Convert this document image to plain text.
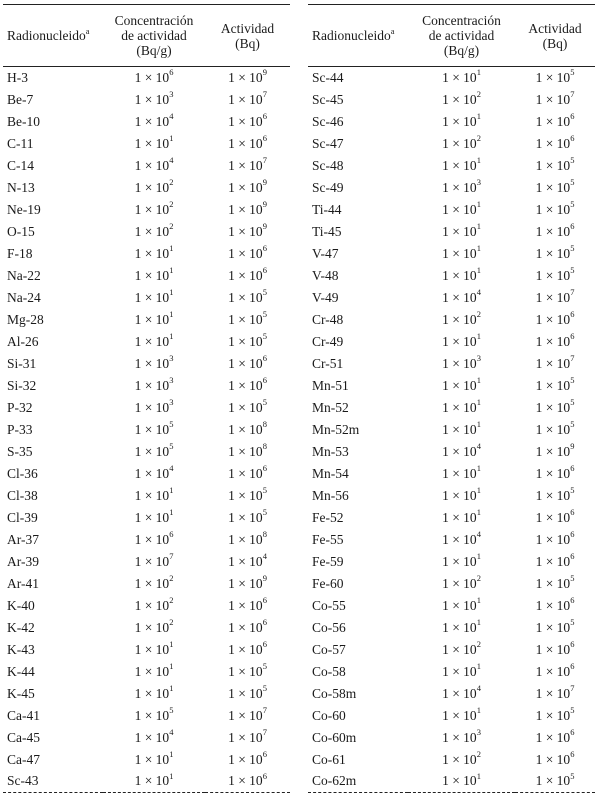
Radionucleido$^a$	Concentración
de actividad
(Bq/g)	Actividad
(Bq)
H-3	$1 \times 10^6$	$1 \times 10^9$
Be-7	$1 \times 10^3$	$1 \times 10^7$
Be-10	$1 \times 10^4$	$1 \times 10^6$
C-11	$1 \times 10^1$	$1 \times 10^6$
C-14	$1 \times 10^4$	$1 \times 10^7$
N-13	$1 \times 10^2$	$1 \times 10^9$
Ne-19	$1 \times 10^2$	$1 \times 10^9$
O-15	$1 \times 10^2$	$1 \times 10^9$
F-18	$1 \times 10^1$	$1 \times 10^6$
Na-22	$1 \times 10^1$	$1 \times 10^6$
Na-24	$1 \times 10^1$	$1 \times 10^5$
Mg-28	$1 \times 10^1$	$1 \times 10^5$
Al-26	$1 \times 10^1$	$1 \times 10^5$
Si-31	$1 \times 10^3$	$1 \times 10^6$
Si-32	$1 \times 10^3$	$1 \times 10^6$
P-32	$1 \times 10^3$	$1 \times 10^5$
P-33	$1 \times 10^5$	$1 \times 10^8$
S-35	$1 \times 10^5$	$1 \times 10^8$
Cl-36	$1 \times 10^4$	$1 \times 10^6$
Cl-38	$1 \times 10^1$	$1 \times 10^5$
Cl-39	$1 \times 10^1$	$1 \times 10^5$
Ar-37	$1 \times 10^6$	$1 \times 10^8$
Ar-39	$1 \times 10^7$	$1 \times 10^4$
Ar-41	$1 \times 10^2$	$1 \times 10^9$
K-40	$1 \times 10^2$	$1 \times 10^6$
K-42	$1 \times 10^2$	$1 \times 10^6$
K-43	$1 \times 10^1$	$1 \times 10^6$
K-44	$1 \times 10^1$	$1 \times 10^5$
K-45	$1 \times 10^1$	$1 \times 10^5$
Ca-41	$1 \times 10^5$	$1 \times 10^7$
Ca-45	$1 \times 10^4$	$1 \times 10^7$
Ca-47	$1 \times 10^1$	$1 \times 10^6$
Sc-43	$1 \times 10^1$	$1 \times 10^6$
Radionucleido$^a$	Concentración
de actividad
(Bq/g)	Actividad
(Bq)
Sc-44	$1 \times 10^1$	$1 \times 10^5$
Sc-45	$1 \times 10^2$	$1 \times 10^7$
Sc-46	$1 \times 10^1$	$1 \times 10^6$
Sc-47	$1 \times 10^2$	$1 \times 10^6$
Sc-48	$1 \times 10^1$	$1 \times 10^5$
Sc-49	$1 \times 10^3$	$1 \times 10^5$
Ti-44	$1 \times 10^1$	$1 \times 10^5$
Ti-45	$1 \times 10^1$	$1 \times 10^6$
V-47	$1 \times 10^1$	$1 \times 10^5$
V-48	$1 \times 10^1$	$1 \times 10^5$
V-49	$1 \times 10^4$	$1 \times 10^7$
Cr-48	$1 \times 10^2$	$1 \times 10^6$
Cr-49	$1 \times 10^1$	$1 \times 10^6$
Cr-51	$1 \times 10^3$	$1 \times 10^7$
Mn-51	$1 \times 10^1$	$1 \times 10^5$
Mn-52	$1 \times 10^1$	$1 \times 10^5$
Mn-52m	$1 \times 10^1$	$1 \times 10^5$
Mn-53	$1 \times 10^4$	$1 \times 10^9$
Mn-54	$1 \times 10^1$	$1 \times 10^6$
Mn-56	$1 \times 10^1$	$1 \times 10^5$
Fe-52	$1 \times 10^1$	$1 \times 10^6$
Fe-55	$1 \times 10^4$	$1 \times 10^6$
Fe-59	$1 \times 10^1$	$1 \times 10^6$
Fe-60	$1 \times 10^2$	$1 \times 10^5$
Co-55	$1 \times 10^1$	$1 \times 10^6$
Co-56	$1 \times 10^1$	$1 \times 10^5$
Co-57	$1 \times 10^2$	$1 \times 10^6$
Co-58	$1 \times 10^1$	$1 \times 10^6$
Co-58m	$1 \times 10^4$	$1 \times 10^7$
Co-60	$1 \times 10^1$	$1 \times 10^5$
Co-60m	$1 \times 10^3$	$1 \times 10^6$
Co-61	$1 \times 10^2$	$1 \times 10^6$
Co-62m	$1 \times 10^1$	$1 \times 10^5$
